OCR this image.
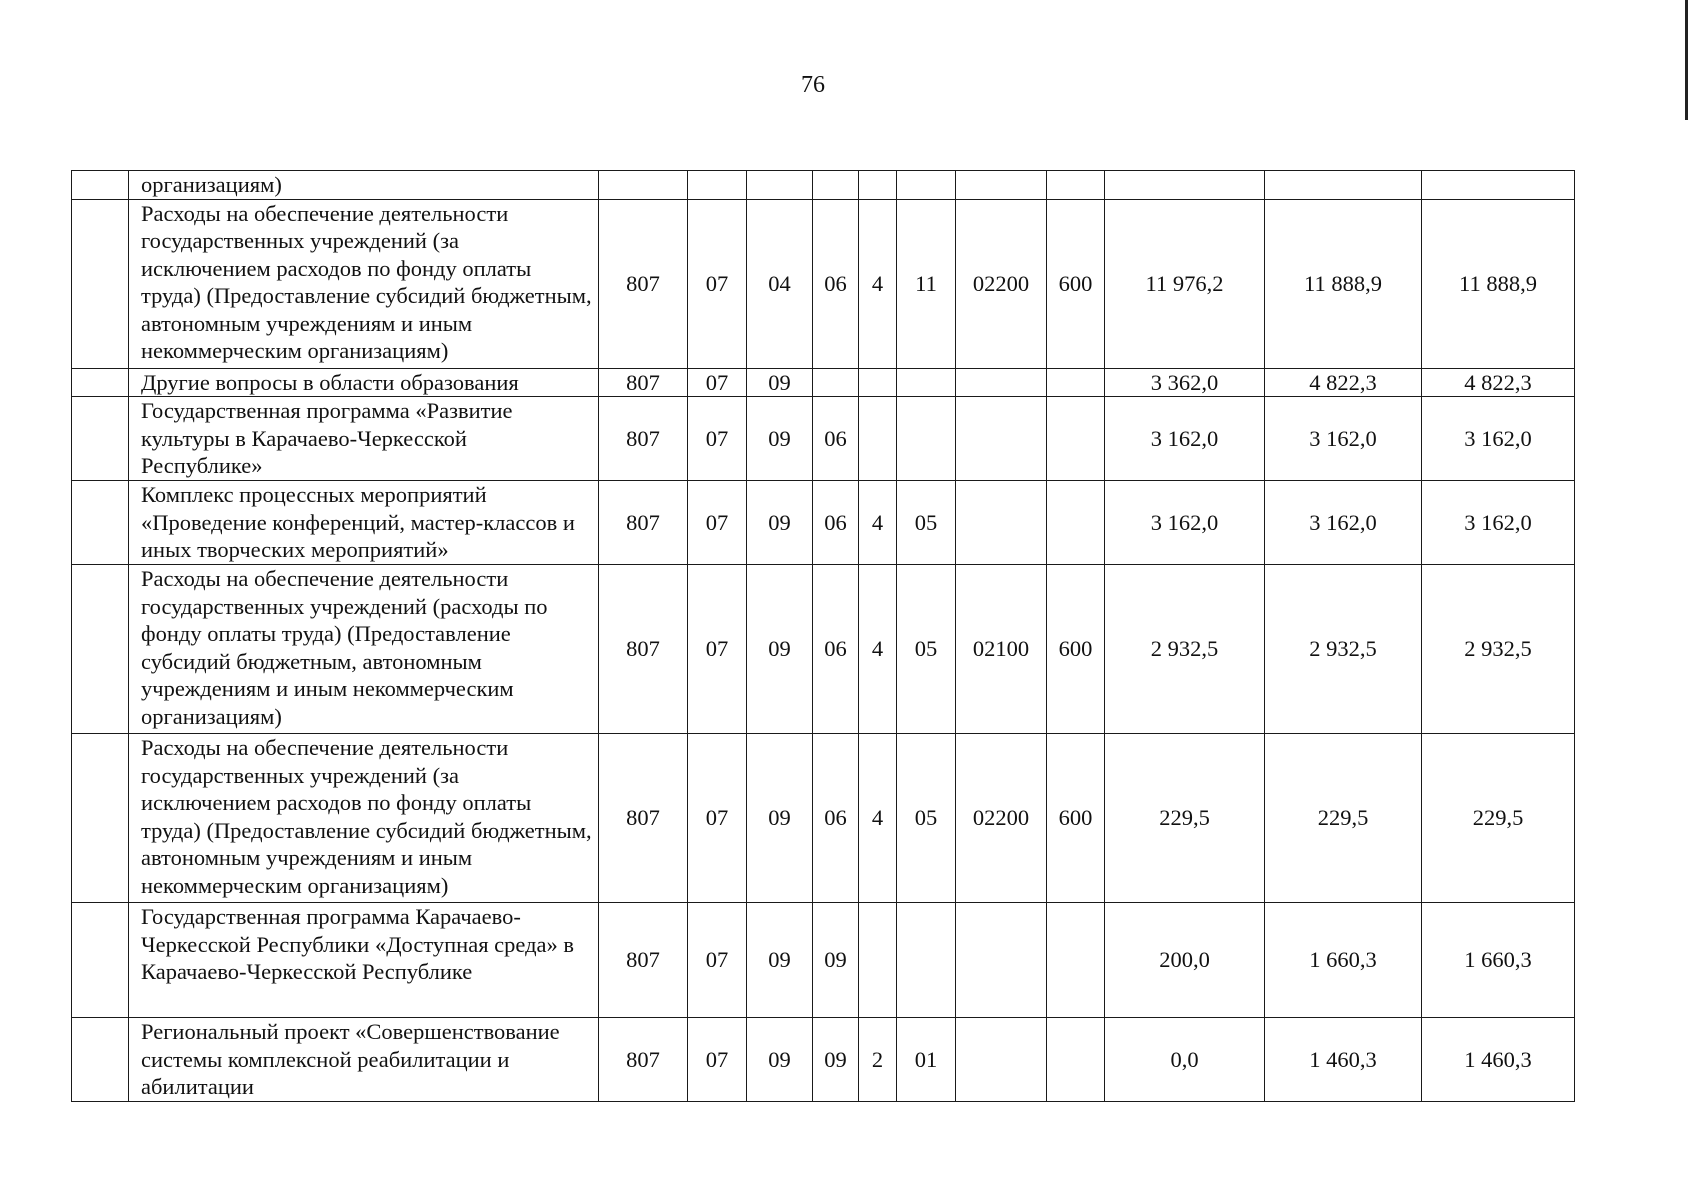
76
	организациям)											
	Расходы на обеспечение деятельности государственных учреждений (за исключением расходов по фонду оплаты труда) (Предоставление субсидий бюджетным, автономным учреждениям и иным некоммерческим организациям)	807	07	04	06	4	11	02200	600	11 976,2	11 888,9	11 888,9
	Другие вопросы в области образования	807	07	09						3 362,0	4 822,3	4 822,3
	Государственная программа «Развитие культуры в Карачаево-Черкесской Республике»	807	07	09	06					3 162,0	3 162,0	3 162,0
	Комплекс процессных мероприятий «Проведение конференций, мастер-классов и иных творческих мероприятий»	807	07	09	06	4	05			3 162,0	3 162,0	3 162,0
	Расходы на обеспечение деятельности государственных учреждений (расходы по фонду оплаты труда) (Предоставление субсидий бюджетным, автономным учреждениям и иным некоммерческим организациям)	807	07	09	06	4	05	02100	600	2 932,5	2 932,5	2 932,5
	Расходы на обеспечение деятельности государственных учреждений (за исключением расходов по фонду оплаты труда) (Предоставление субсидий бюджетным, автономным учреждениям и иным некоммерческим организациям)	807	07	09	06	4	05	02200	600	229,5	229,5	229,5
	Государственная программа Карачаево-Черкесской Республики «Доступная среда» в Карачаево-Черкесской Республике	807	07	09	09					200,0	1 660,3	1 660,3
	Региональный проект «Совершенствование системы комплексной реабилитации и абилитации	807	07	09	09	2	01			0,0	1 460,3	1 460,3
